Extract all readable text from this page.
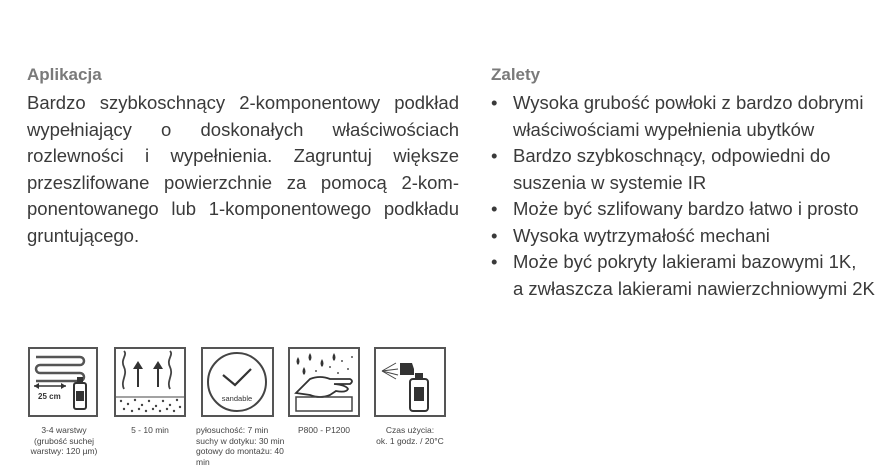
Aplikacja

Bardzo szybkoschnący 2-komponentowy podkład wypełniający o doskonałych właściwościach rozlewności i wypełnienia. Zagruntuj większe przeszlifowane powierzchnie za pomocą 2-kom- ponentowanego lub 1-komponentowego podkładu gruntującego.

Zalety
• Wysoka grubość powłoki z bardzo dobrymi
właściwościami wypełnienia ubytków
• Bardzo szybkoschnący, odpowiedni do
suszenia w systemie IR
• Może być szlifowany bardzo łatwo i prosto
• Wysoka wytrzymałość mechani
• Może być pokryty lakierami bazowymi 1K,
a zwłaszcza lakierami nawierzchniowymi 2K
25 cm
3-4 warstwy
(grubość suchej
warstwy: 120 µm)
5 - 10 min
sandable
pyłosuchość: 7 min
suchy w dotyku: 30 min
gotowy do montażu: 40 min
P800 - P1200	Czas użycia:
ok. 1 godz. / 20°C
